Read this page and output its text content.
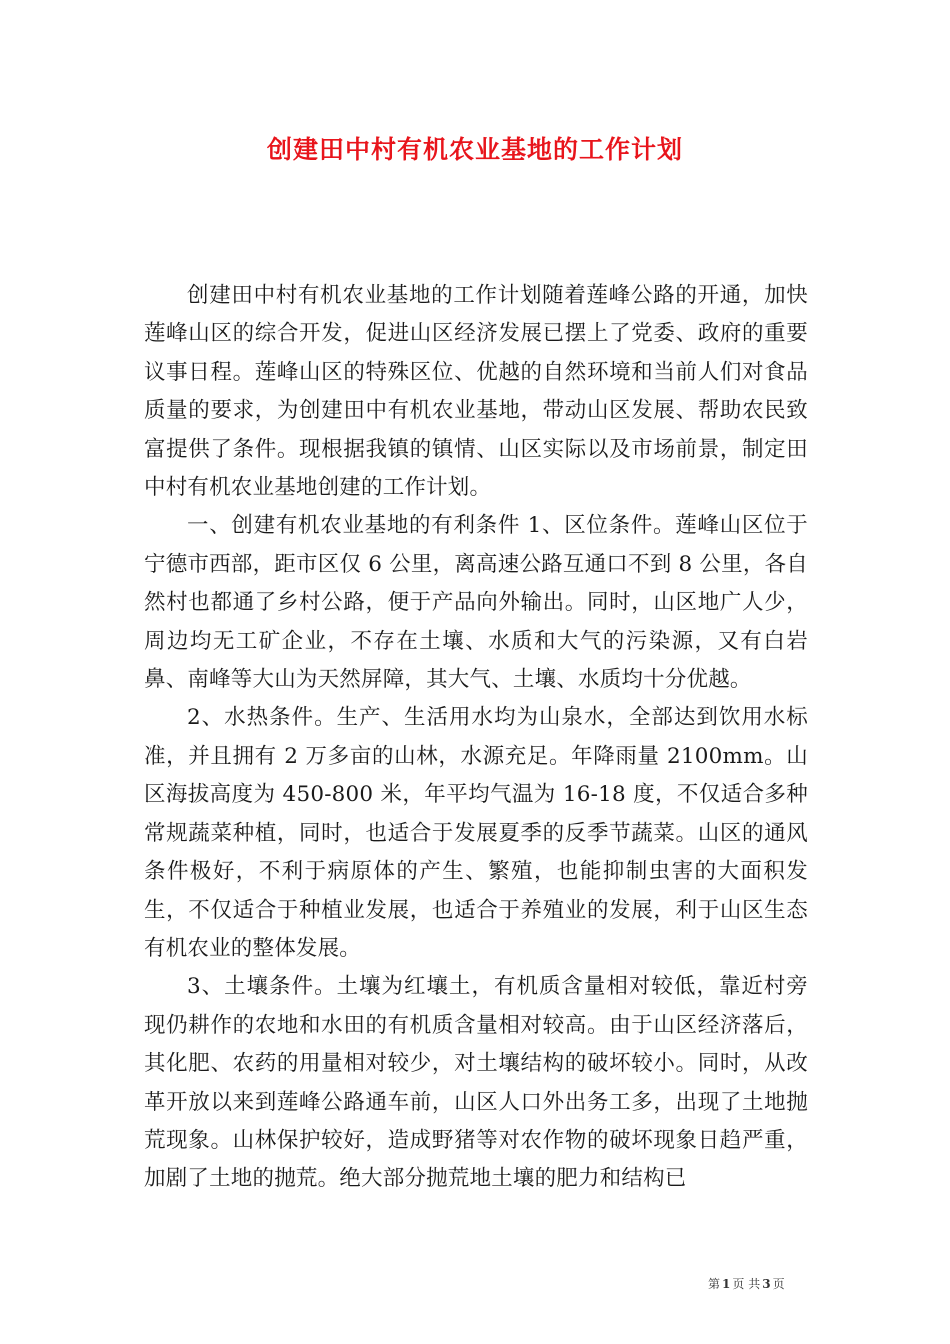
创建田中村有机农业基地的工作计划

创建田中村有机农业基地的工作计划随着莲峰公路的开通，加快莲峰山区的综合开发，促进山区经济发展已摆上了党委、政府的重要议事日程。莲峰山区的特殊区位、优越的自然环境和当前人们对食品质量的要求，为创建田中有机农业基地，带动山区发展、帮助农民致富提供了条件。现根据我镇的镇情、山区实际以及市场前景，制定田中村有机农业基地创建的工作计划。

一、创建有机农业基地的有利条件 1、区位条件。莲峰山区位于宁德市西部，距市区仅 6 公里，离高速公路互通口不到 8 公里，各自然村也都通了乡村公路，便于产品向外输出。同时，山区地广人少，周边均无工矿企业，不存在土壤、水质和大气的污染源，又有白岩鼻、南峰等大山为天然屏障，其大气、土壤、水质均十分优越。

2、水热条件。生产、生活用水均为山泉水，全部达到饮用水标准，并且拥有 2 万多亩的山林，水源充足。年降雨量 2100mm。山区海拔高度为 450-800 米，年平均气温为 16-18 度，不仅适合多种常规蔬菜种植，同时，也适合于发展夏季的反季节蔬菜。山区的通风条件极好，不利于病原体的产生、繁殖，也能抑制虫害的大面积发生，不仅适合于种植业发展，也适合于养殖业的发展，利于山区生态有机农业的整体发展。

3、土壤条件。土壤为红壤土，有机质含量相对较低，靠近村旁现仍耕作的农地和水田的有机质含量相对较高。由于山区经济落后，其化肥、农药的用量相对较少，对土壤结构的破坏较小。同时，从改革开放以来到莲峰公路通车前，山区人口外出务工多，出现了土地抛荒现象。山林保护较好，造成野猪等对农作物的破坏现象日趋严重，加剧了土地的抛荒。绝大部分抛荒地土壤的肥力和结构已

第 1 页 共 3 页
